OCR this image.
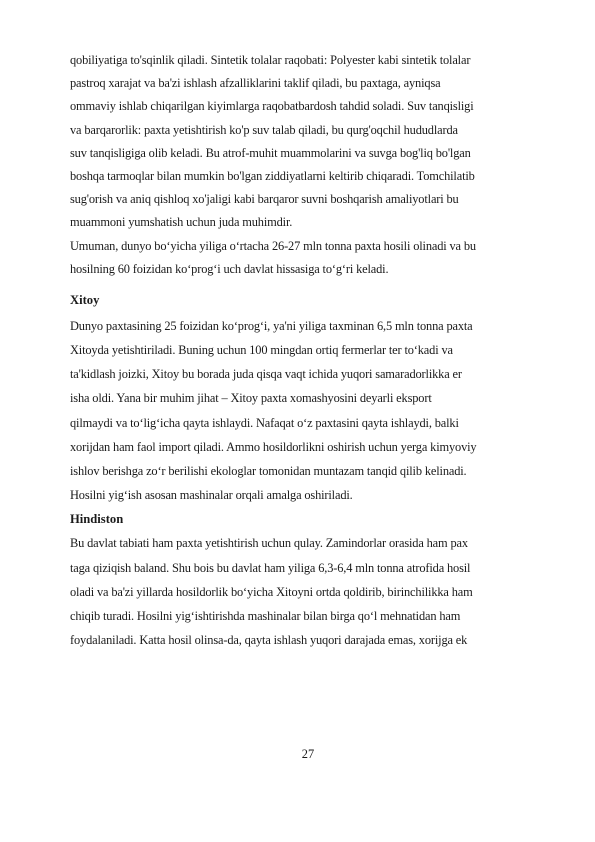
qobiliyatiga to'sqinlik qiladi. Sintetik tolalar raqobati: Polyester kabi sintetik tolalar
pastroq xarajat va ba'zi ishlash afzalliklarini taklif qiladi, bu paxtaga, ayniqsa
ommaviy ishlab chiqarilgan kiyimlarga raqobatbardosh tahdid soladi. Suv tanqisligi
va barqarorlik: paxta yetishtirish ko'p suv talab qiladi, bu qurg'oqchil hududlarda
suv tanqisligiga olib keladi. Bu atrof-muhit muammolarini va suvga bog'liq bo'lgan
boshqa tarmoqlar bilan mumkin bo'lgan ziddiyatlarni keltirib chiqaradi. Tomchilatib
sug'orish va aniq qishloq xo'jaligi kabi barqaror suvni boshqarish amaliyotlari bu
muammoni yumshatish uchun juda muhimdir.
Umuman, dunyo bo‘yicha yiliga o‘rtacha 26-27 mln tonna paxta hosili olinadi va bu
hosilning 60 foizidan ko‘prog‘i uch davlat hissasiga to‘g‘ri keladi.
Xitoy
Dunyo paxtasining 25 foizidan ko‘prog‘i, ya'ni yiliga taxminan 6,5 mln tonna paxta
Xitoyda yetishtiriladi. Buning uchun 100 mingdan ortiq fermerlar ter to‘kadi va
ta'kidlash joizki, Xitoy bu borada juda qisqa vaqt ichida yuqori samaradorlikka er
isha oldi. Yana bir muhim jihat – Xitoy paxta xomashyosini deyarli eksport
qilmaydi va to‘lig‘icha qayta ishlaydi. Nafaqat o‘z paxtasini qayta ishlaydi, balki
xorijdan ham faol import qiladi. Ammo hosildorlikni oshirish uchun yerga kimyoviy
ishlov berishga zo‘r berilishi ekologlar tomonidan muntazam tanqid qilib kelinadi.
Hosilni yig‘ish asosan mashinalar orqali amalga oshiriladi.
Hindiston
Bu davlat tabiati ham paxta yetishtirish uchun qulay. Zamindorlar orasida ham pax
taga qiziqish baland. Shu bois bu davlat ham yiliga 6,3-6,4 mln tonna atrofida hosil
oladi va ba'zi yillarda hosildorlik bo‘yicha Xitoyni ortda qoldirib, birinchilikka ham
chiqib turadi. Hosilni yig‘ishtirishda mashinalar bilan birga qo‘l mehnatidan ham
foydalaniladi. Katta hosil olinsa-da, qayta ishlash yuqori darajada emas, xorijga ek
27
